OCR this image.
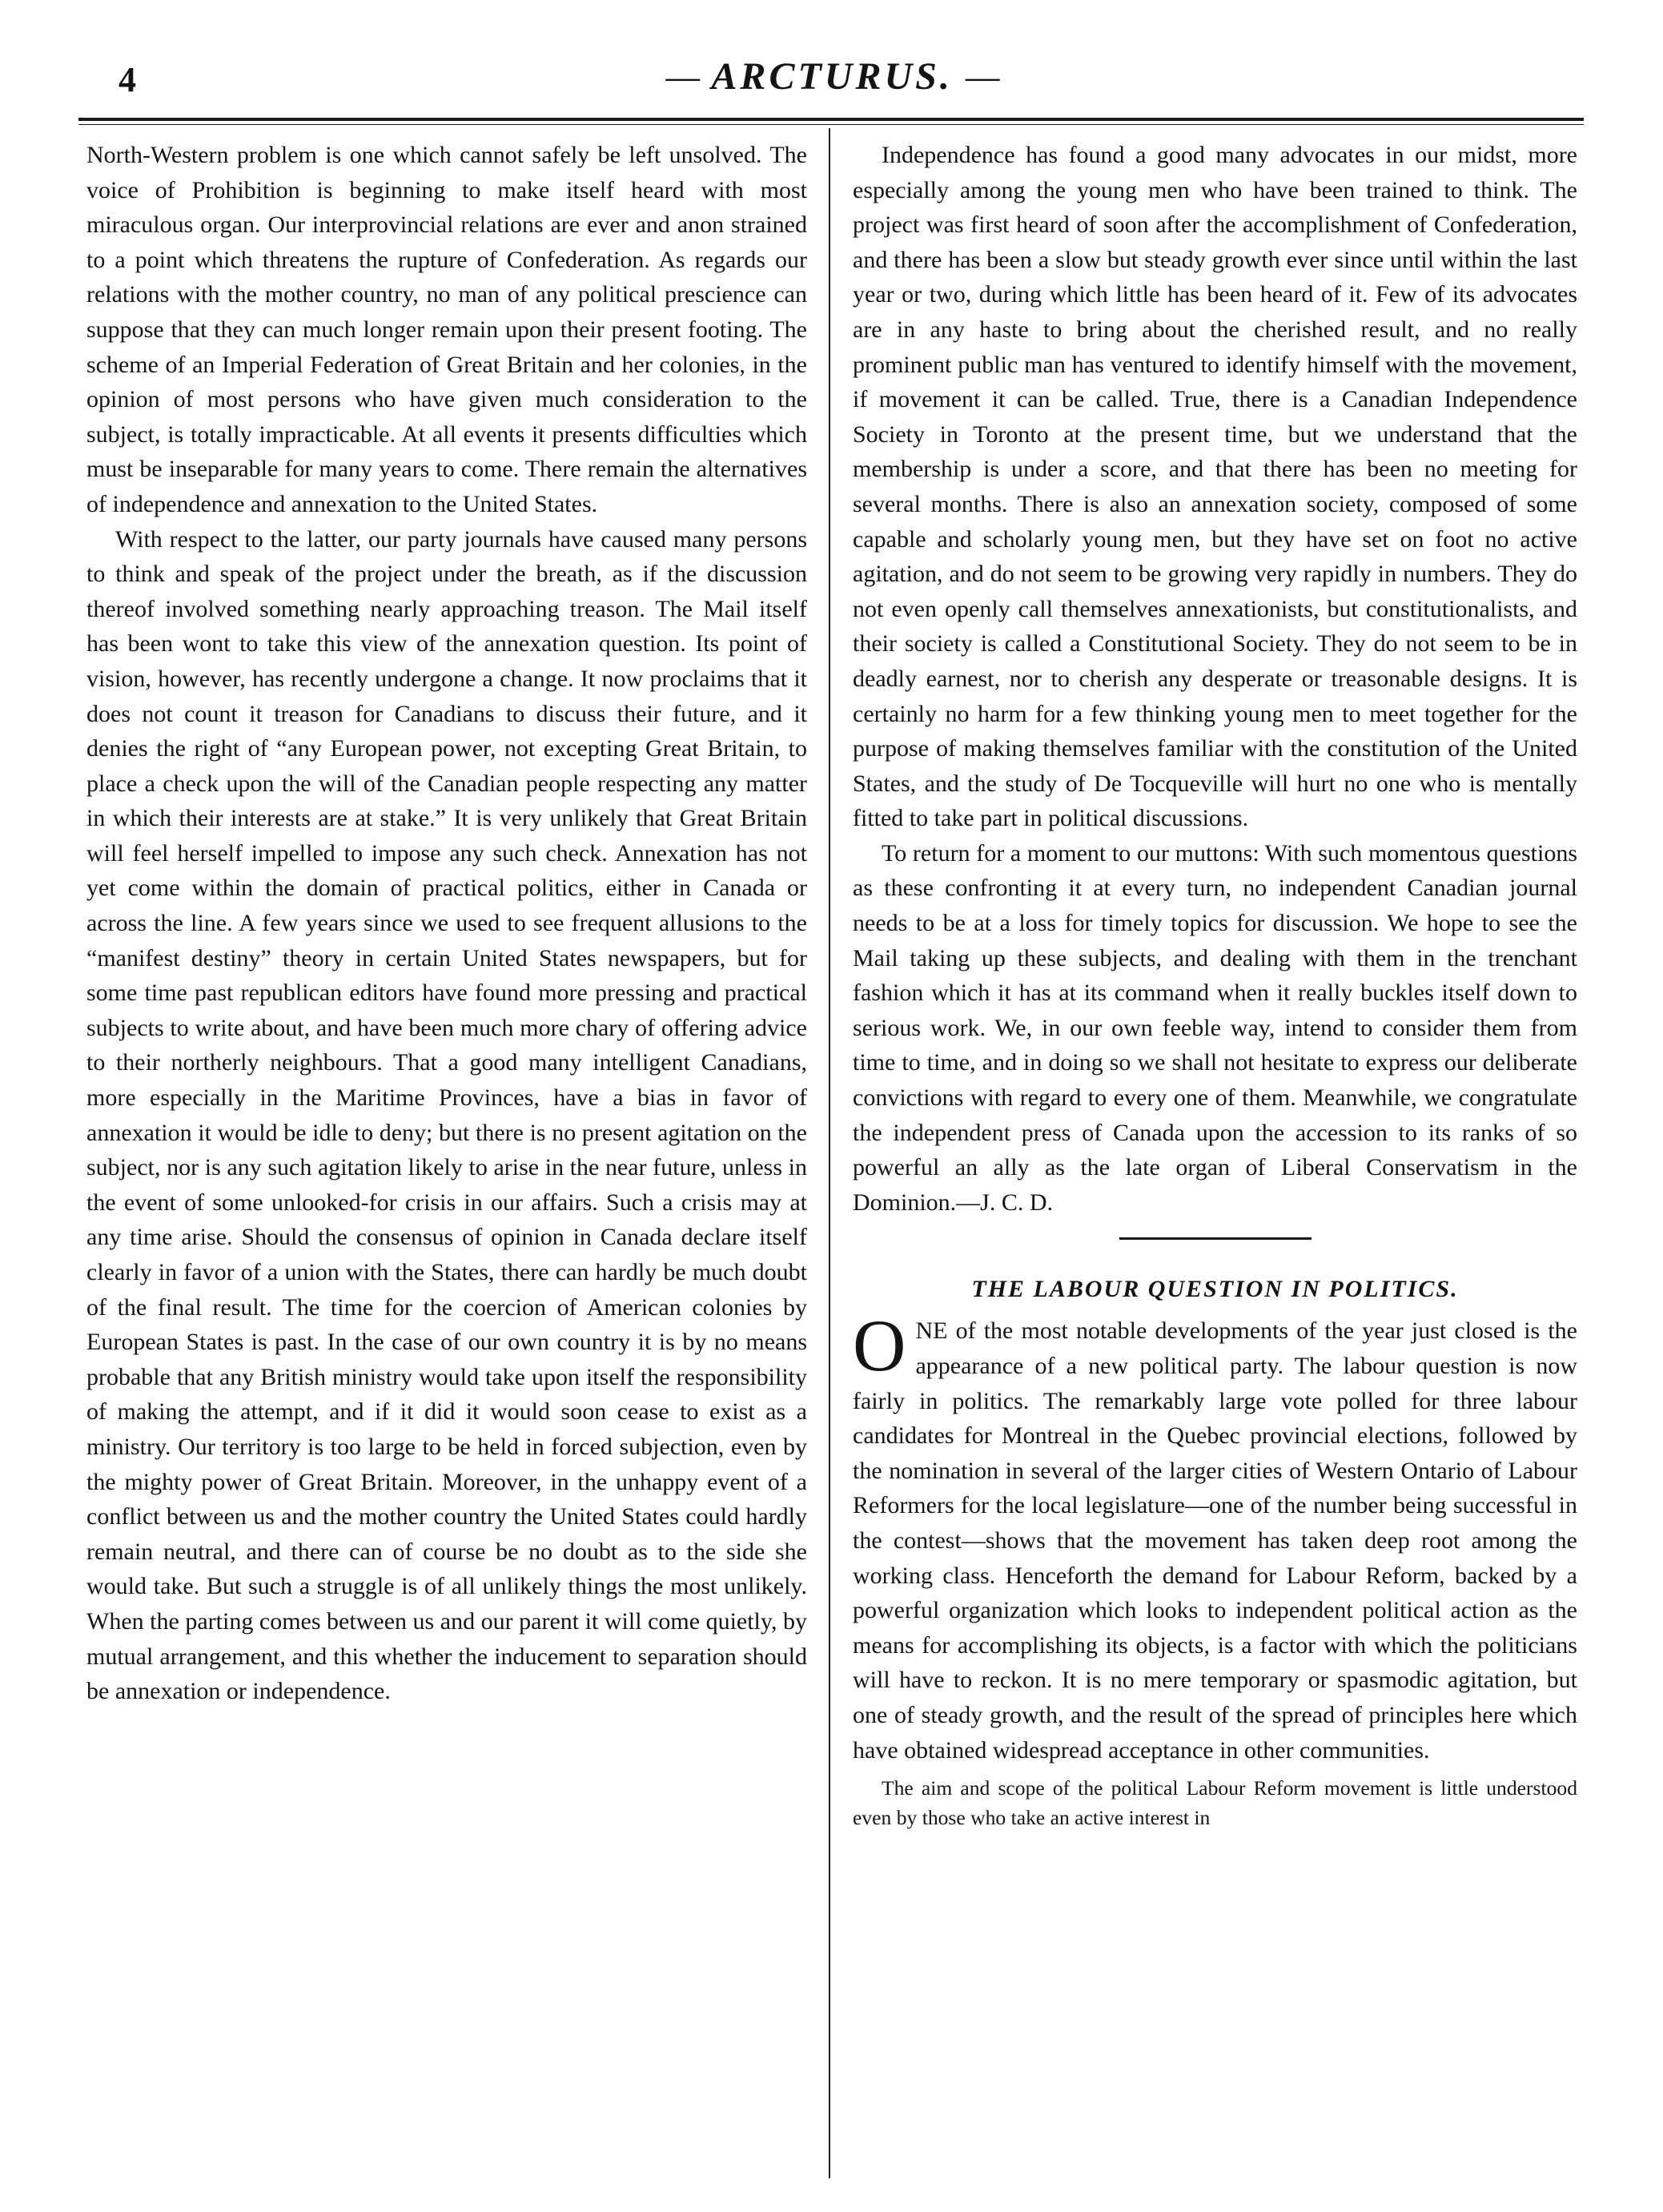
4	— ARCTURUS. —

North-Western problem is one which cannot safely be left unsolved. The voice of Prohibition is beginning to make itself heard with most miraculous organ. Our interprovincial relations are ever and anon strained to a point which threatens the rupture of Confederation. As regards our relations with the mother country, no man of any political prescience can suppose that they can much longer remain upon their present footing. The scheme of an Imperial Federation of Great Britain and her colonies, in the opinion of most persons who have given much consideration to the subject, is totally impracticable. At all events it presents difficulties which must be inseparable for many years to come. There remain the alternatives of independence and annexation to the United States.

With respect to the latter, our party journals have caused many persons to think and speak of the project under the breath, as if the discussion thereof involved something nearly approaching treason. The Mail itself has been wont to take this view of the annexation question. Its point of vision, however, has recently undergone a change. It now proclaims that it does not count it treason for Canadians to discuss their future, and it denies the right of “any European power, not excepting Great Britain, to place a check upon the will of the Canadian people respecting any matter in which their interests are at stake.” It is very unlikely that Great Britain will feel herself impelled to impose any such check. Annexation has not yet come within the domain of practical politics, either in Canada or across the line. A few years since we used to see frequent allusions to the “manifest destiny” theory in certain United States newspapers, but for some time past republican editors have found more pressing and practical subjects to write about, and have been much more chary of offering advice to their northerly neighbours. That a good many intelligent Canadians, more especially in the Maritime Provinces, have a bias in favor of annexation it would be idle to deny; but there is no present agitation on the subject, nor is any such agitation likely to arise in the near future, unless in the event of some unlooked-for crisis in our affairs. Such a crisis may at any time arise. Should the consensus of opinion in Canada declare itself clearly in favor of a union with the States, there can hardly be much doubt of the final result. The time for the coercion of American colonies by European States is past. In the case of our own country it is by no means probable that any British ministry would take upon itself the responsibility of making the attempt, and if it did it would soon cease to exist as a ministry. Our territory is too large to be held in forced subjection, even by the mighty power of Great Britain. Moreover, in the unhappy event of a conflict between us and the mother country the United States could hardly remain neutral, and there can of course be no doubt as to the side she would take. But such a struggle is of all unlikely things the most unlikely. When the parting comes between us and our parent it will come quietly, by mutual arrangement, and this whether the inducement to separation should be annexation or independence.

Independence has found a good many advocates in our midst, more especially among the young men who have been trained to think. The project was first heard of soon after the accomplishment of Confederation, and there has been a slow but steady growth ever since until within the last year or two, during which little has been heard of it. Few of its advocates are in any haste to bring about the cherished result, and no really prominent public man has ventured to identify himself with the movement, if movement it can be called. True, there is a Canadian Independence Society in Toronto at the present time, but we understand that the membership is under a score, and that there has been no meeting for several months. There is also an annexation society, composed of some capable and scholarly young men, but they have set on foot no active agitation, and do not seem to be growing very rapidly in numbers. They do not even openly call themselves annexationists, but constitutionalists, and their society is called a Constitutional Society. They do not seem to be in deadly earnest, nor to cherish any desperate or treasonable designs. It is certainly no harm for a few thinking young men to meet together for the purpose of making themselves familiar with the constitution of the United States, and the study of De Tocqueville will hurt no one who is mentally fitted to take part in political discussions.

To return for a moment to our muttons: With such momentous questions as these confronting it at every turn, no independent Canadian journal needs to be at a loss for timely topics for discussion. We hope to see the Mail taking up these subjects, and dealing with them in the trenchant fashion which it has at its command when it really buckles itself down to serious work. We, in our own feeble way, intend to consider them from time to time, and in doing so we shall not hesitate to express our deliberate convictions with regard to every one of them. Meanwhile, we congratulate the independent press of Canada upon the accession to its ranks of so powerful an ally as the late organ of Liberal Conservatism in the Dominion.—J. C. D.

THE LABOUR QUESTION IN POLITICS.
O NE of the most notable developments of the year just closed is the appearance of a new political party. The labour question is now fairly in politics. The remarkably large vote polled for three labour candidates for Montreal in the Quebec provincial elections, followed by the nomination in several of the larger cities of Western Ontario of Labour Reformers for the local legislature—one of the number being successful in the contest—shows that the movement has taken deep root among the working class. Henceforth the demand for Labour Reform, backed by a powerful organization which looks to independent political action as the means for accomplishing its objects, is a factor with which the politicians will have to reckon. It is no mere temporary or spasmodic agitation, but one of steady growth, and the result of the spread of principles here which have obtained widespread acceptance in other communities.

The aim and scope of the political Labour Reform movement is little understood even by those who take an active interest in
